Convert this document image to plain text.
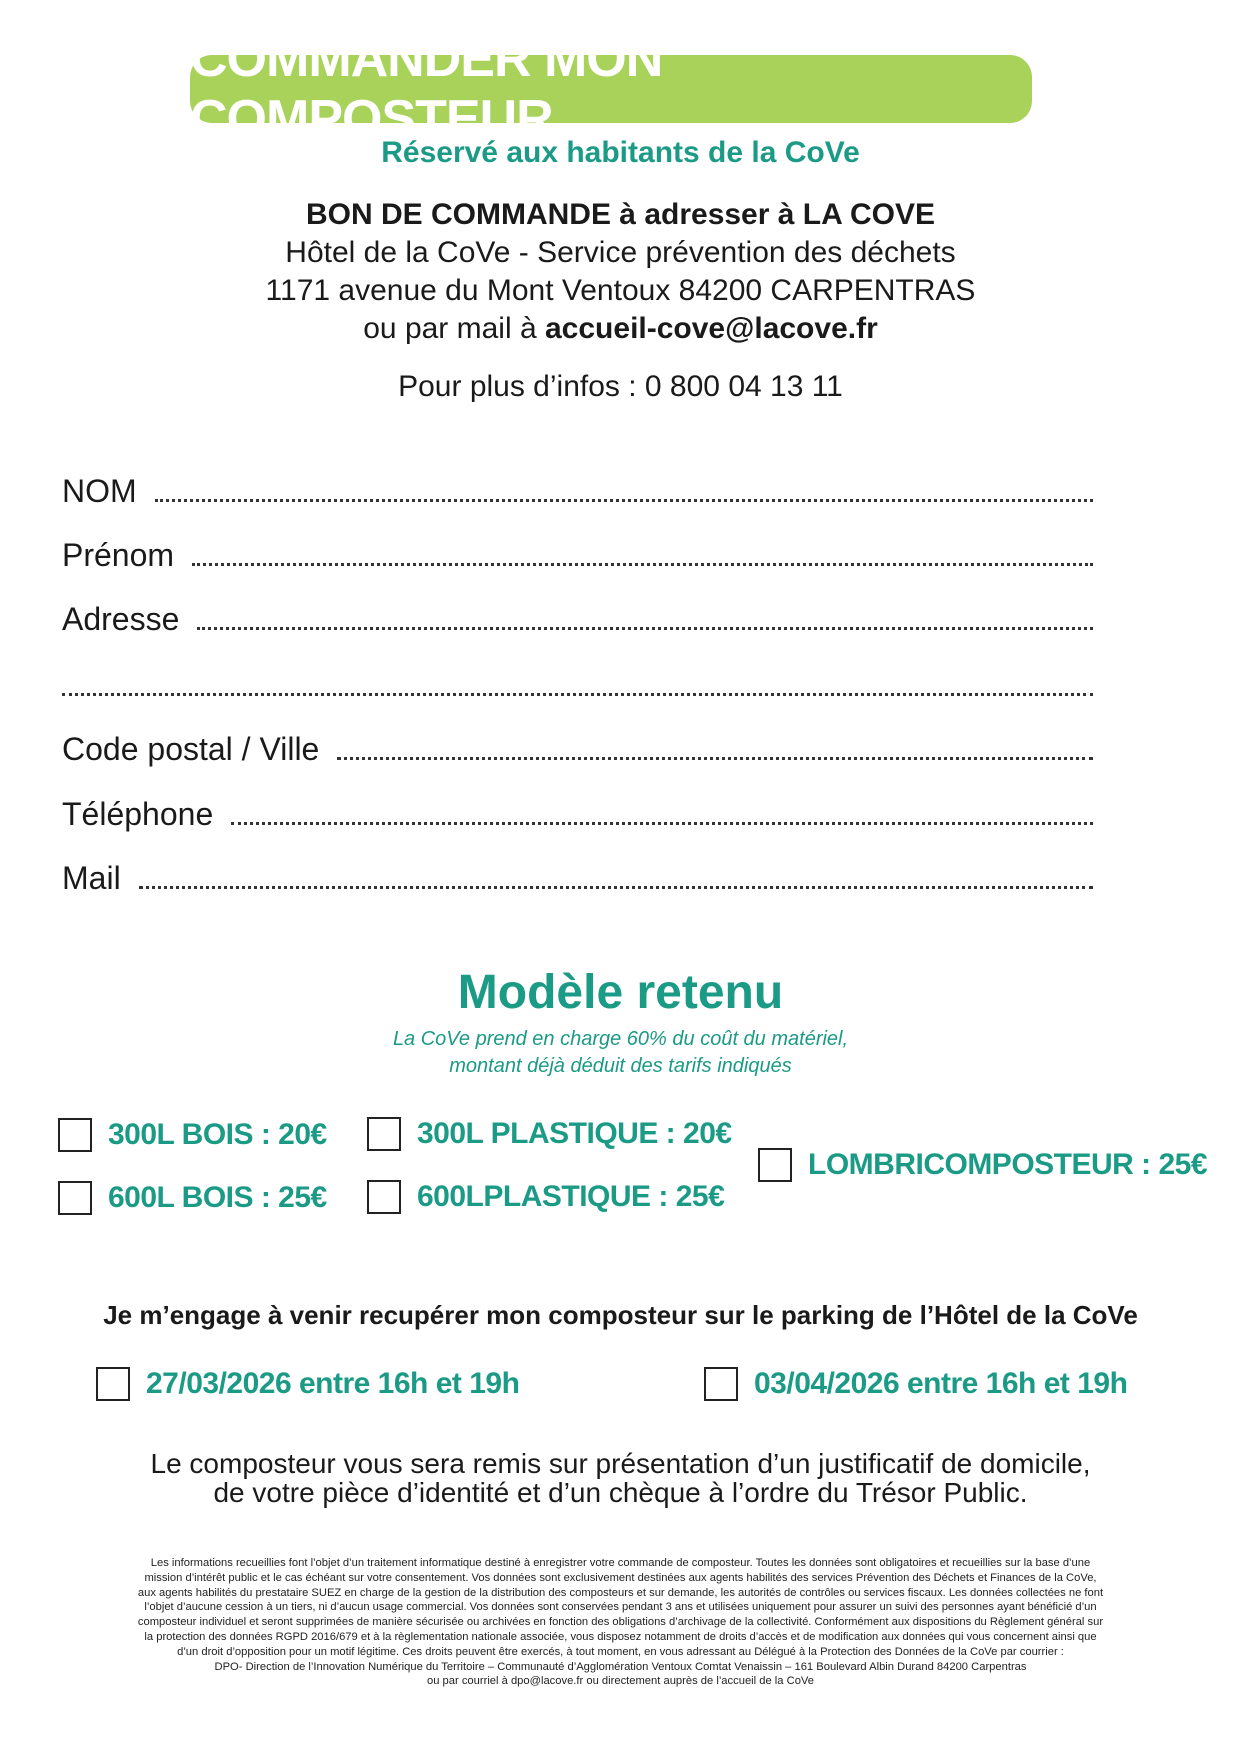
COMMANDER MON COMPOSTEUR
Réservé aux habitants de la CoVe
BON DE COMMANDE à adresser à LA COVE
Hôtel de la CoVe - Service prévention des déchets
1171 avenue du Mont Ventoux 84200 CARPENTRAS
ou par mail à accueil-cove@lacove.fr
Pour plus d’infos : 0 800 04 13 11
NOM
Prénom
Adresse
Code postal / Ville
Téléphone
Mail
Modèle retenu
La CoVe prend en charge 60% du coût du matériel,
montant déjà déduit des tarifs indiqués
300L BOIS : 20€
600L BOIS : 25€
300L PLASTIQUE : 20€
600LPLASTIQUE : 25€
LOMBRICOMPOSTEUR : 25€
Je m’engage à venir recupérer mon composteur sur le parking de l’Hôtel de la CoVe
27/03/2026 entre 16h et 19h	03/04/2026 entre 16h et 19h
Le composteur vous sera remis sur présentation d’un justificatif de domicile,
de votre pièce d’identité et d’un chèque à l’ordre du Trésor Public.
Les informations recueillies font l’objet d’un traitement informatique destiné à enregistrer votre commande de composteur. Toutes les données sont obligatoires et recueillies sur la base d’une
mission d’intérêt public et le cas échéant sur votre consentement. Vos données sont exclusivement destinées aux agents habilités des services Prévention des Déchets et Finances de la CoVe,
aux agents habilités du prestataire SUEZ en charge de la gestion de la distribution des composteurs et sur demande, les autorités de contrôles ou services fiscaux. Les données collectées ne font
l’objet d’aucune cession à un tiers, ni d’aucun usage commercial. Vos données sont conservées pendant 3 ans et utilisées uniquement pour assurer un suivi des personnes ayant bénéficié d’un
composteur individuel et seront supprimées de manière sécurisée ou archivées en fonction des obligations d’archivage de la collectivité. Conformément aux dispositions du Règlement général sur
la protection des données RGPD 2016/679 et à la règlementation nationale associée, vous disposez notamment de droits d’accès et de modification aux données qui vous concernent ainsi que
d’un droit d’opposition pour un motif légitime. Ces droits peuvent être exercés, à tout moment, en vous adressant au Délégué à la Protection des Données de la CoVe par courrier :
DPO- Direction de l’Innovation Numérique du Territoire – Communauté d’Agglomération Ventoux Comtat Venaissin – 161 Boulevard Albin Durand 84200 Carpentras
ou par courriel à dpo@lacove.fr ou directement auprès de l’accueil de la CoVe
